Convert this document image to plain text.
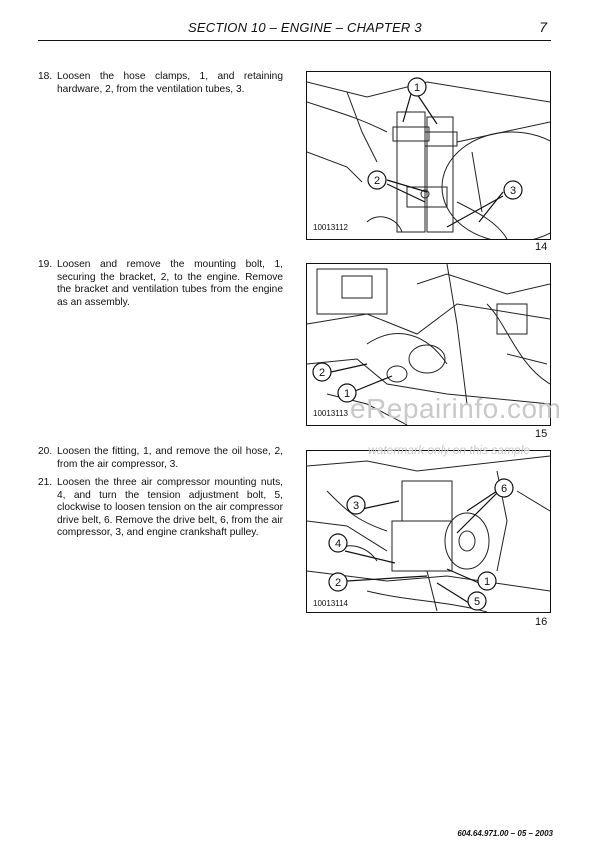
SECTION 10 – ENGINE – CHAPTER 3	7
18. Loosen the hose clamps, 1, and retaining hardware, 2, from the ventilation tubes, 3.
19. Loosen and remove the mounting bolt, 1, securing the bracket, 2, to the engine. Remove the bracket and ventilation tubes from the engine as an assembly.
20. Loosen the fitting, 1, and remove the oil hose, 2, from the air compressor, 3.
21. Loosen the three air compressor mounting nuts, 4, and turn the tension adjustment bolt, 5, clockwise to loosen tension on the air compressor drive belt, 6. Remove the drive belt, 6, from the air compressor, 3, and engine crankshaft pulley.
1
2
3
10013112
14
2
1
10013113
15
3
4
2
6
1
5
10013114
16
eRepairinfo.com
watermark only on this sample
604.64.971.00 – 05 – 2003
